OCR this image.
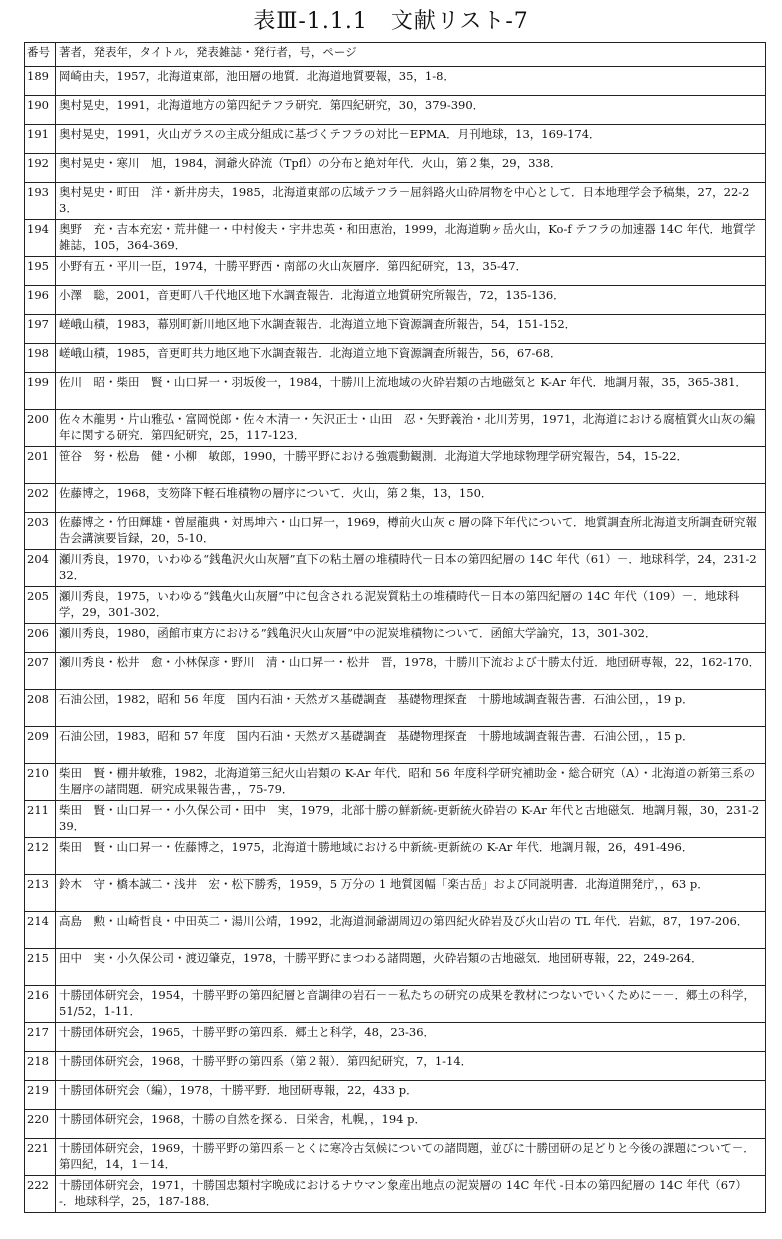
表Ⅲ-1.1.1　文献リスト-7
番号	著者，発表年，タイトル，発表雑誌・発行者，号，ページ
189	岡崎由夫，1957，北海道東部，池田層の地質．北海道地質要報，35，1-8．
190	奥村晃史，1991，北海道地方の第四紀テフラ研究．第四紀研究，30，379-390．
191	奥村晃史，1991，火山ガラスの主成分組成に基づくテフラの対比－EPMA．月刊地球，13，169-174．
192	奥村晃史・寒川　旭，1984，洞爺火砕流（Tpfl）の分布と絶対年代．火山，第２集，29，338．
193	奥村晃史・町田　洋・新井房夫，1985，北海道東部の広域テフラ－屈斜路火山砕屑物を中心として．日本地理学会予稿集，27，22-23．
194	奥野　充・吉本充宏・荒井健一・中村俊夫・宇井忠英・和田恵治，1999，北海道駒ヶ岳火山，Ko-f テフラの加速器 14C 年代．地質学雑誌，105，364-369．
195	小野有五・平川一臣，1974，十勝平野西・南部の火山灰層序．第四紀研究，13，35-47．
196	小澤　聡，2001，音更町八千代地区地下水調査報告．北海道立地質研究所報告，72，135-136．
197	嵯峨山積，1983，幕別町新川地区地下水調査報告．北海道立地下資源調査所報告，54，151-152．
198	嵯峨山積，1985，音更町共力地区地下水調査報告．北海道立地下資源調査所報告，56，67-68．
199	佐川　昭・柴田　賢・山口昇一・羽坂俊一，1984，十勝川上流地域の火砕岩類の古地磁気と K-Ar 年代．地調月報，35，365-381．
200	佐々木龍男・片山雅弘・富岡悦郎・佐々木清一・矢沢正士・山田　忍・矢野義治・北川芳男，1971，北海道における腐植質火山灰の編年に関する研究．第四紀研究，25，117-123．
201	笹谷　努・松島　健・小柳　敏郎，1990，十勝平野における強震動観測．北海道大学地球物理学研究報告，54，15-22．
202	佐藤博之，1968，支笏降下軽石堆積物の層序について．火山，第２集，13，150．
203	佐藤博之・竹田輝雄・曽屋龍典・対馬坤六・山口昇一，1969，樽前火山灰 c 層の降下年代について．地質調査所北海道支所調査研究報告会講演要旨録，20，5-10．
204	瀬川秀良，1970，いわゆる“銭亀沢火山灰層”直下の粘土層の堆積時代－日本の第四紀層の 14C 年代（61）－．地球科学，24，231-232．
205	瀬川秀良，1975，いわゆる“銭亀火山灰層”中に包含される泥炭質粘土の堆積時代－日本の第四紀層の 14C 年代（109）－．地球科学，29，301-302．
206	瀬川秀良，1980，函館市東方における”銭亀沢火山灰層”中の泥炭堆積物について．函館大学論究，13，301-302．
207	瀬川秀良・松井　愈・小林保彦・野川　清・山口昇一・松井　晋，1978，十勝川下流および十勝太付近．地団研専報，22，162-170．
208	石油公団，1982，昭和 56 年度　国内石油・天然ガス基礎調査　基礎物理探査　十勝地域調査報告書．石油公団，，19 p．
209	石油公団，1983，昭和 57 年度　国内石油・天然ガス基礎調査　基礎物理探査　十勝地域調査報告書．石油公団，，15 p．
210	柴田　賢・棚井敏雅，1982，北海道第三紀火山岩類の K-Ar 年代．昭和 56 年度科学研究補助金・総合研究（A）・北海道の新第三系の生層序の諸問題．研究成果報告書，，75-79．
211	柴田　賢・山口昇一・小久保公司・田中　実，1979，北部十勝の鮮新統-更新統火砕岩の K-Ar 年代と古地磁気．地調月報，30，231-239．
212	柴田　賢・山口昇一・佐藤博之，1975，北海道十勝地域における中新統-更新統の K-Ar 年代．地調月報，26，491-496．
213	鈴木　守・橋本誠二・浅井　宏・松下勝秀，1959，5 万分の 1 地質図幅「楽古岳」および同説明書．北海道開発庁，，63 p．
214	高島　勲・山崎哲良・中田英二・湯川公靖，1992，北海道洞爺湖周辺の第四紀火砕岩及び火山岩の TL 年代．岩鉱，87，197-206．
215	田中　実・小久保公司・渡辺肇克，1978，十勝平野にまつわる諸問題，火砕岩類の古地磁気．地団研専報，22，249-264．
216	十勝団体研究会，1954，十勝平野の第四紀層と音調律の岩石－－私たちの研究の成果を教材につないでいくために－－．郷土の科学，51/52，1-11．
217	十勝団体研究会，1965，十勝平野の第四系．郷土と科学，48，23-36．
218	十勝団体研究会，1968，十勝平野の第四系（第２報）．第四紀研究，7，1-14．
219	十勝団体研究会（編），1978，十勝平野．地団研専報，22，433 p．
220	十勝団体研究会，1968，十勝の自然を探る．日栄舎，札幌，，194 p．
221	十勝団体研究会，1969，十勝平野の第四系－とくに寒冷古気候についての諸問題，並びに十勝団研の足どりと今後の課題について－．第四紀，14，1－14．
222	十勝団体研究会，1971，十勝国忠類村字晩成におけるナウマン象産出地点の泥炭層の 14C 年代 -日本の第四紀層の 14C 年代（67）-．地球科学，25，187-188．
